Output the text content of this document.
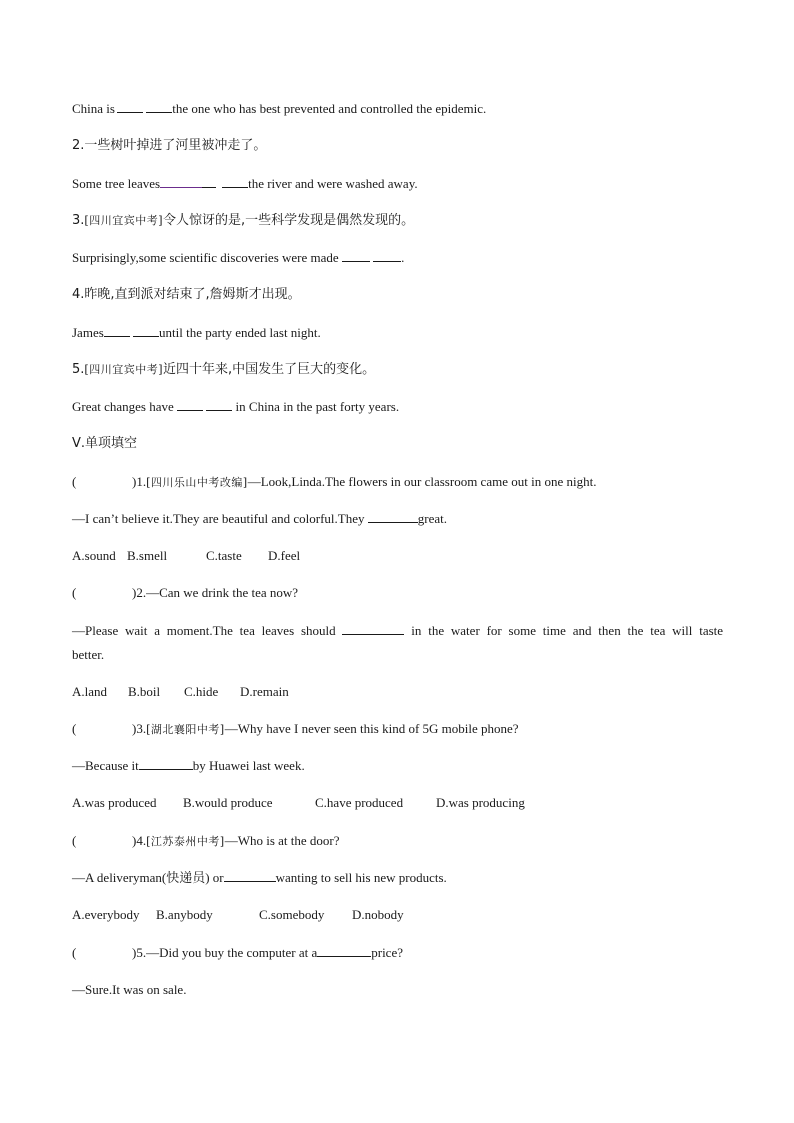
China is	the one who has best prevented and controlled the epidemic.
2.一些树叶掉进了河里被冲走了。
Some tree leaves	the river and were washed away.
3.[四川宜宾中考]令人惊讶的是,一些科学发现是偶然发现的。
Surprisingly,some scientific discoveries were made	.
4.昨晚,直到派对结束了,詹姆斯才出现。
James	until the party ended last night.
5.[四川宜宾中考]近四十年来,中国发生了巨大的变化。
Great changes have	in China in the past forty years.
Ⅴ.单项填空
(	)1.[四川乐山中考改编]—Look,Linda.The flowers in our classroom came out in one night.
—I can’t believe it.They are beautiful and colorful.They	great.
A.sound B.smell	C.taste D.feel
(	)2.—Can we drink the tea now?
—Please wait a moment.The tea leaves should	in the water for some time and then the tea will taste
better.
A.land B.boil C.hide D.remain
(	)3.[湖北襄阳中考]—Why have I never seen this kind of 5G mobile phone?
—Because it	by Huawei last week.
A.was produced B.would produce	C.have produced	D.was producing
(	)4.[江苏泰州中考]—Who is at the door?
—A deliveryman(快递员) or	wanting to sell his new products.
A.everybody B.anybody	C.somebody D.nobody
(	)5.—Did you buy the computer at a	price?
—Sure.It was on sale.
